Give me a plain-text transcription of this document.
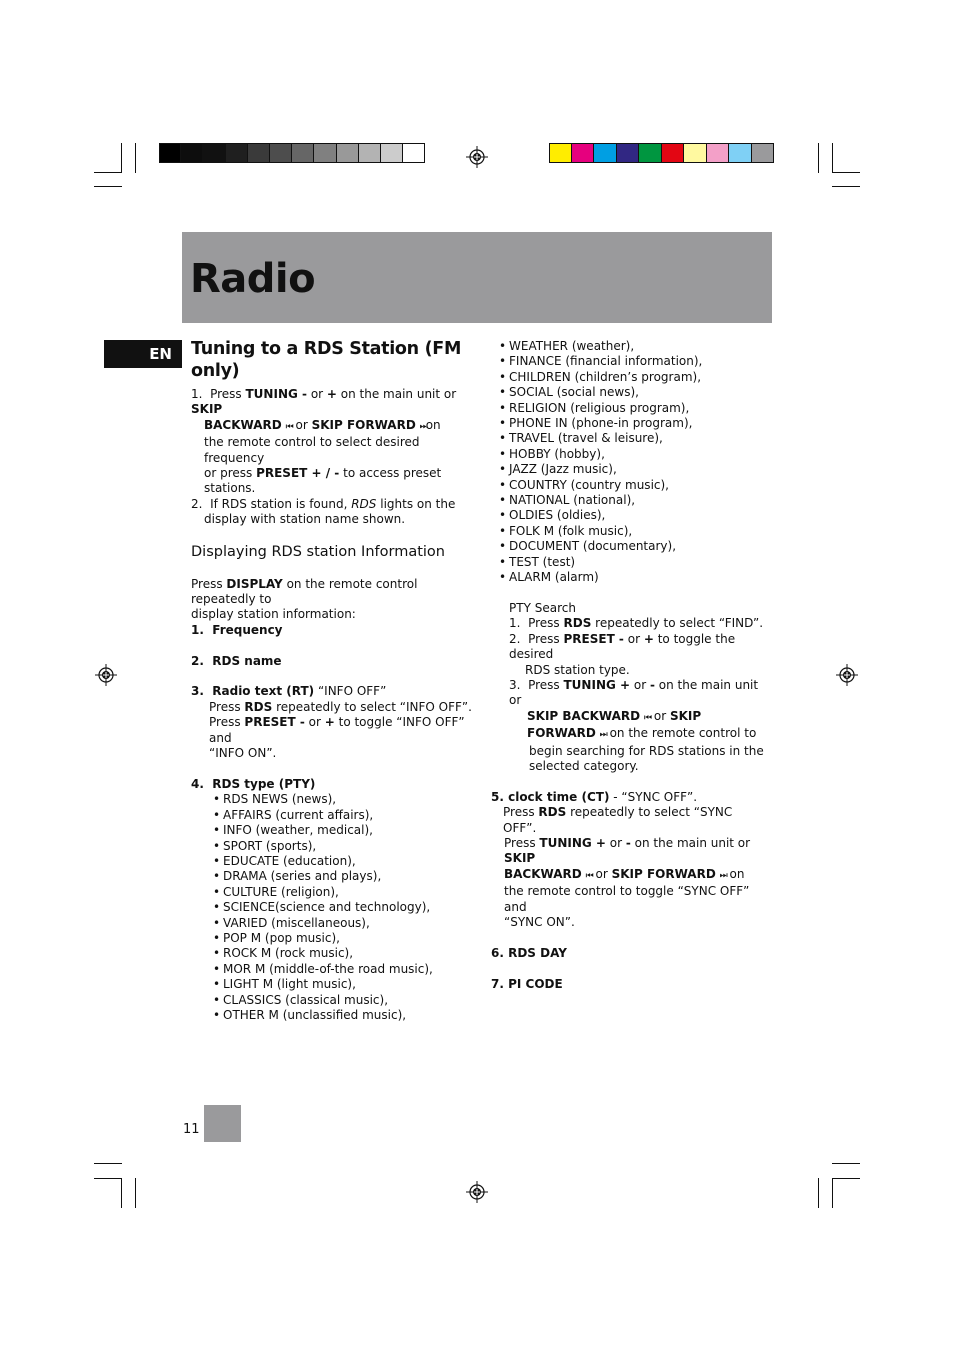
Radio
EN Tuning to a RDS Station (FM only)

1. Press TUNING - or + on the main unit or SKIP

BACKWARD ⏮ or SKIP FORWARD ⏭on

the remote control to select desired frequency

or press PRESET + / - to access preset stations.

2. If RDS station is found, RDS lights on the

display with station name shown.

Displaying RDS station Information

Press DISPLAY on the remote control repeatedly to

display station information:

1.  Frequency

2.  RDS name

3.  Radio text (RT) “INFO OFF”

Press RDS repeatedly to select “INFO OFF”.

Press PRESET - or + to toggle “INFO OFF” and

“INFO ON”.

4.  RDS type (PTY)

• RDS NEWS (news),

• AFFAIRS (current affairs),

• INFO (weather, medical),

• SPORT (sports),

• EDUCATE (education),

• DRAMA (series and plays),

• CULTURE (religion),

• SCIENCE(science and technology),

• VARIED (miscellaneous),

• POP M (pop music),

• ROCK M (rock music),

• MOR M (middle-of-the road music),

• LIGHT M (light music),

• CLASSICS (classical music),

• OTHER M (unclassified music),

• WEATHER (weather),

• FINANCE (financial information),

• CHILDREN (children’s program),

• SOCIAL (social news),

• RELIGION (religious program),

• PHONE IN (phone-in program),

• TRAVEL (travel & leisure),

• HOBBY (hobby),

• JAZZ (Jazz music),

• COUNTRY (country music),

• NATIONAL (national),

• OLDIES (oldies),

• FOLK M (folk music),

• DOCUMENT (documentary),

• TEST (test)

• ALARM (alarm)

PTY Search

1. Press RDS repeatedly to select “FIND”.

2. Press PRESET - or + to toggle the desired

RDS station type.

3. Press TUNING + or - on the main unit or

SKIP BACKWARD ⏮ or SKIP

FORWARD ⏭ on the remote control to

begin searching for RDS stations in the

selected category.

5. clock time (CT) - “SYNC OFF”.

Press RDS repeatedly to select “SYNC OFF”.

Press TUNING + or - on the main unit or SKIP

BACKWARD ⏮ or SKIP FORWARD ⏭ on

the remote control to toggle “SYNC OFF” and

“SYNC ON”.

6. RDS DAY

7. PI CODE

11
